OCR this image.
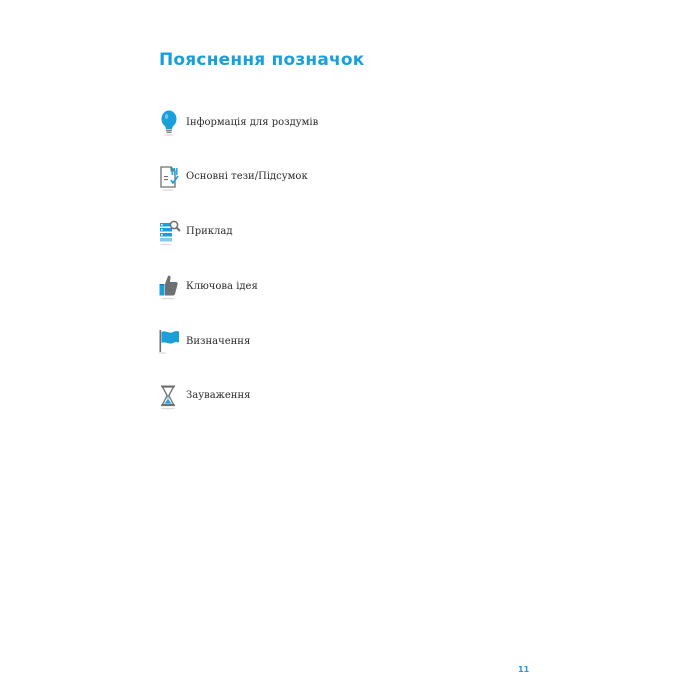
Пояснення позначок
Інформація для роздумів
Основні тези/Підсумок
Приклад
Ключова ідея
Визначення
Зауваження
11
